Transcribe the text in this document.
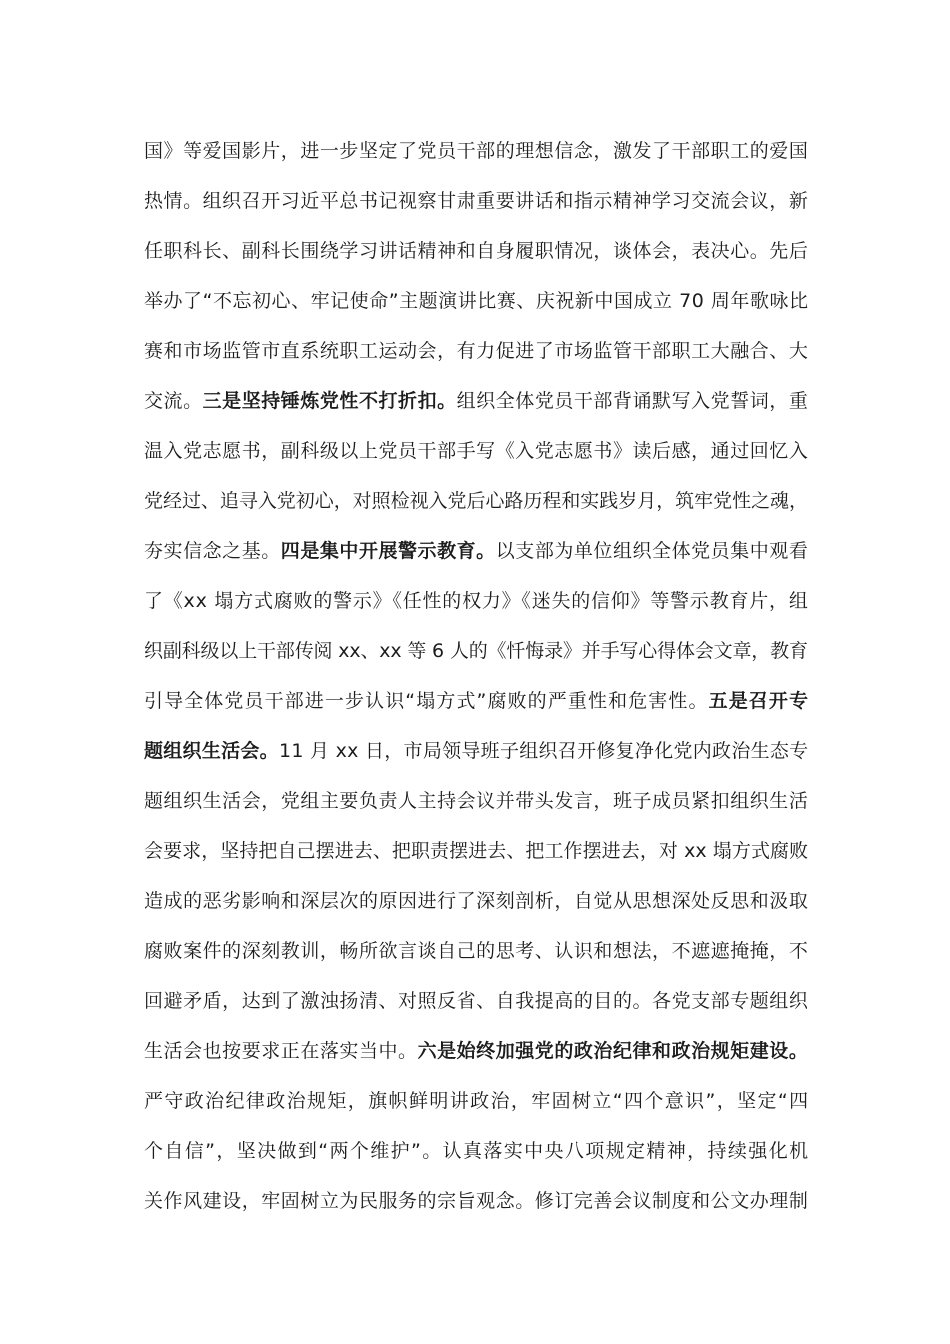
国》等爱国影片，进一步坚定了党员干部的理想信念，激发了干部职工的爱国
热情。组织召开习近平总书记视察甘肃重要讲话和指示精神学习交流会议，新
任职科长、副科长围绕学习讲话精神和自身履职情况，谈体会，表决心。先后
举办了“不忘初心、牢记使命”主题演讲比赛、庆祝新中国成立 70 周年歌咏比
赛和市场监管市直系统职工运动会，有力促进了市场监管干部职工大融合、大
交流。三是坚持锤炼党性不打折扣。组织全体党员干部背诵默写入党誓词，重
温入党志愿书，副科级以上党员干部手写《入党志愿书》读后感，通过回忆入
党经过、追寻入党初心，对照检视入党后心路历程和实践岁月，筑牢党性之魂，
夯实信念之基。四是集中开展警示教育。以支部为单位组织全体党员集中观看
了《xx 塌方式腐败的警示》《任性的权力》《迷失的信仰》等警示教育片，组
织副科级以上干部传阅 xx、xx 等 6 人的《忏悔录》并手写心得体会文章，教育
引导全体党员干部进一步认识“塌方式”腐败的严重性和危害性。五是召开专
题组织生活会。11 月 xx 日，市局领导班子组织召开修复净化党内政治生态专
题组织生活会，党组主要负责人主持会议并带头发言，班子成员紧扣组织生活
会要求，坚持把自己摆进去、把职责摆进去、把工作摆进去，对 xx 塌方式腐败
造成的恶劣影响和深层次的原因进行了深刻剖析，自觉从思想深处反思和汲取
腐败案件的深刻教训，畅所欲言谈自己的思考、认识和想法，不遮遮掩掩，不
回避矛盾，达到了激浊扬清、对照反省、自我提高的目的。各党支部专题组织
生活会也按要求正在落实当中。六是始终加强党的政治纪律和政治规矩建设。
严守政治纪律政治规矩，旗帜鲜明讲政治，牢固树立“四个意识”，坚定“四
个自信”，坚决做到“两个维护”。认真落实中央八项规定精神，持续强化机
关作风建设，牢固树立为民服务的宗旨观念。修订完善会议制度和公文办理制
